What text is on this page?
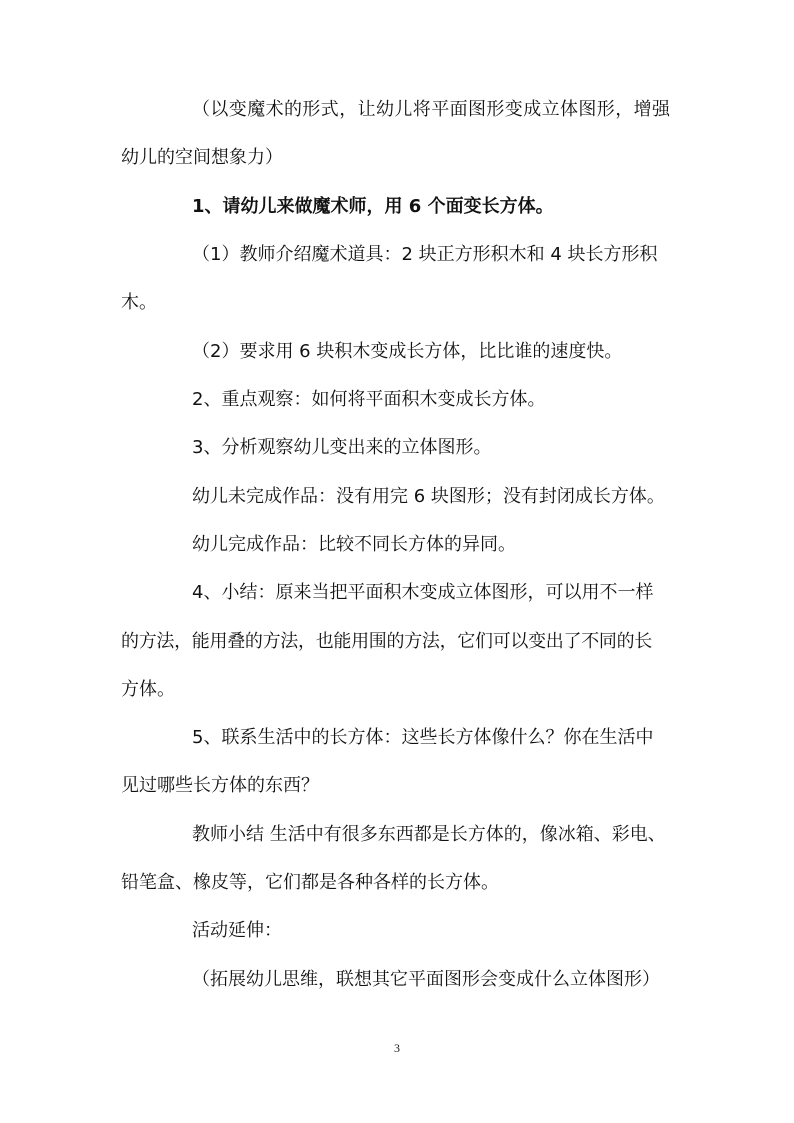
（以变魔术的形式，让幼儿将平面图形变成立体图形，增强

幼儿的空间想象力）

1、请幼儿来做魔术师，用 6 个面变长方体。

（1）教师介绍魔术道具：2 块正方形积木和 4 块长方形积

木。

（2）要求用 6 块积木变成长方体，比比谁的速度快。

2、重点观察：如何将平面积木变成长方体。

3、分析观察幼儿变出来的立体图形。

幼儿未完成作品：没有用完 6 块图形；没有封闭成长方体。

幼儿完成作品：比较不同长方体的异同。

4、小结：原来当把平面积木变成立体图形，可以用不一样

的方法，能用叠的方法，也能用围的方法，它们可以变出了不同的长

方体。

5、联系生活中的长方体：这些长方体像什么？你在生活中

见过哪些长方体的东西？

教师小结 生活中有很多东西都是长方体的，像冰箱、彩电、

铅笔盒、橡皮等，它们都是各种各样的长方体。

活动延伸：

（拓展幼儿思维，联想其它平面图形会变成什么立体图形）

3
